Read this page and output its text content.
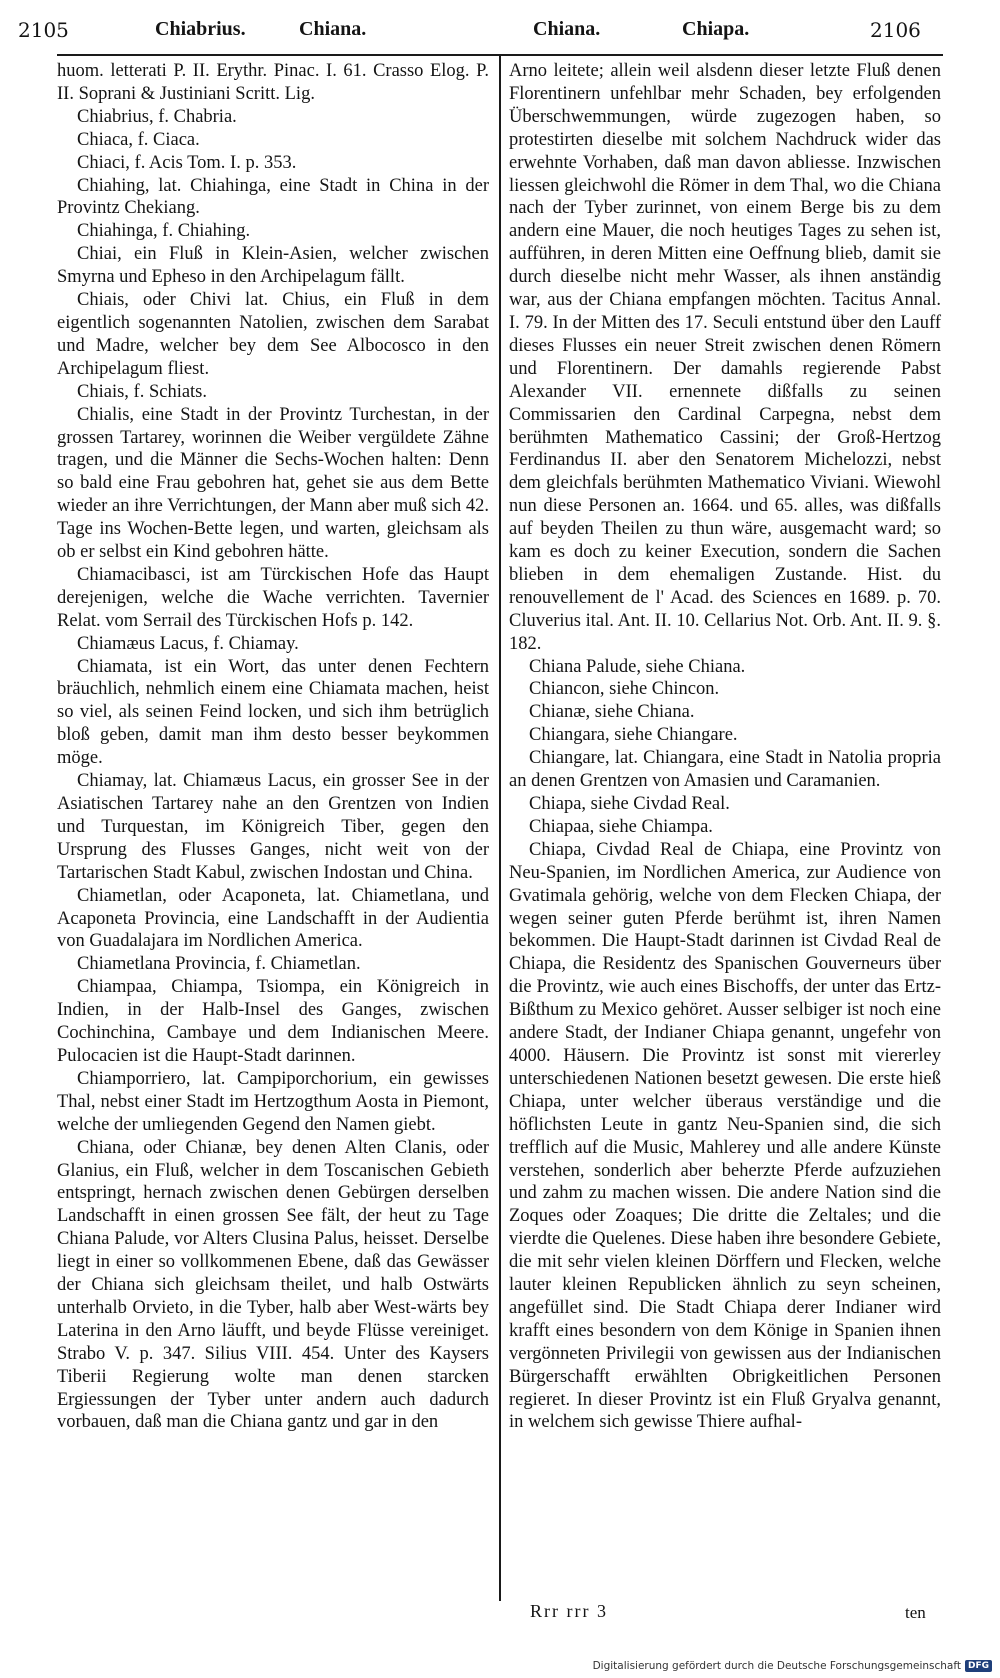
2105	Chiabrius.	Chiana.	Chiana.	Chiapa.	2106

huom. letterati P. II. Erythr. Pinac. I. 61. Crasso Elog. P. II. Soprani & Justiniani Scritt. Lig.

Chiabrius, f. Chabria.

Chiaca, f. Ciaca.

Chiaci, f. Acis Tom. I. p. 353.

Chiahing, lat. Chiahinga, eine Stadt in China in der Provintz Chekiang.

Chiahinga, f. Chiahing.

Chiai, ein Fluß in Klein-Asien, welcher zwischen Smyrna und Epheso in den Archipelagum fällt.

Chiais, oder Chivi lat. Chius, ein Fluß in dem eigentlich sogenannten Natolien, zwischen dem Sarabat und Madre, welcher bey dem See Albocosco in den Archipelagum fliest.

Chiais, f. Schiats.

Chialis, eine Stadt in der Provintz Turchestan, in der grossen Tartarey, worinnen die Weiber vergüldete Zähne tragen, und die Männer die Sechs-Wochen halten: Denn so bald eine Frau gebohren hat, gehet sie aus dem Bette wieder an ihre Verrichtungen, der Mann aber muß sich 42. Tage ins Wochen-Bette legen, und warten, gleichsam als ob er selbst ein Kind gebohren hätte.

Chiamacibasci, ist am Türckischen Hofe das Haupt derejenigen, welche die Wache verrichten. Tavernier Relat. vom Serrail des Türckischen Hofs p. 142.

Chiamæus Lacus, f. Chiamay.

Chiamata, ist ein Wort, das unter denen Fechtern bräuchlich, nehmlich einem eine Chiamata machen, heist so viel, als seinen Feind locken, und sich ihm betrüglich bloß geben, damit man ihm desto besser beykommen möge.

Chiamay, lat. Chiamæus Lacus, ein grosser See in der Asiatischen Tartarey nahe an den Grentzen von Indien und Turquestan, im Königreich Tiber, gegen den Ursprung des Flusses Ganges, nicht weit von der Tartarischen Stadt Kabul, zwischen Indostan und China.

Chiametlan, oder Acaponeta, lat. Chiametlana, und Acaponeta Provincia, eine Landschafft in der Audientia von Guadalajara im Nordlichen America.

Chiametlana Provincia, f. Chiametlan.

Chiampaa, Chiampa, Tsiompa, ein Königreich in Indien, in der Halb-Insel des Ganges, zwischen Cochinchina, Cambaye und dem Indianischen Meere. Pulocacien ist die Haupt-Stadt darinnen.

Chiamporriero, lat. Campiporchorium, ein gewisses Thal, nebst einer Stadt im Hertzogthum Aosta in Piemont, welche der umliegenden Gegend den Namen giebt.

Chiana, oder Chianæ, bey denen Alten Clanis, oder Glanius, ein Fluß, welcher in dem Toscanischen Gebieth entspringt, hernach zwischen denen Gebürgen derselben Landschafft in einen grossen See fält, der heut zu Tage Chiana Palude, vor Alters Clusina Palus, heisset. Derselbe liegt in einer so vollkommenen Ebene, daß das Gewässer der Chiana sich gleichsam theilet, und halb Ostwärts unterhalb Orvieto, in die Tyber, halb aber West-wärts bey Laterina in den Arno läufft, und beyde Flüsse vereiniget. Strabo V. p. 347. Silius VIII. 454. Unter des Kaysers Tiberii Regierung wolte man denen starcken Ergiessungen der Tyber unter andern auch dadurch vorbauen, daß man die Chiana gantz und gar in den

Arno leitete; allein weil alsdenn dieser letzte Fluß denen Florentinern unfehlbar mehr Schaden, bey erfolgenden Überschwemmungen, würde zugezogen haben, so protestirten dieselbe mit solchem Nachdruck wider das erwehnte Vorhaben, daß man davon abliesse. Inzwischen liessen gleichwohl die Römer in dem Thal, wo die Chiana nach der Tyber zurinnet, von einem Berge bis zu dem andern eine Mauer, die noch heutiges Tages zu sehen ist, aufführen, in deren Mitten eine Oeffnung blieb, damit sie durch dieselbe nicht mehr Wasser, als ihnen anständig war, aus der Chiana empfangen möchten. Tacitus Annal. I. 79. In der Mitten des 17. Seculi entstund über den Lauff dieses Flusses ein neuer Streit zwischen denen Römern und Florentinern. Der damahls regierende Pabst Alexander VII. ernennete dißfalls zu seinen Commissarien den Cardinal Carpegna, nebst dem berühmten Mathematico Cassini; der Groß-Hertzog Ferdinandus II. aber den Senatorem Michelozzi, nebst dem gleichfals berühmten Mathematico Viviani. Wiewohl nun diese Personen an. 1664. und 65. alles, was dißfalls auf beyden Theilen zu thun wäre, ausgemacht ward; so kam es doch zu keiner Execution, sondern die Sachen blieben in dem ehemaligen Zustande. Hist. du renouvellement de l' Acad. des Sciences en 1689. p. 70. Cluverius ital. Ant. II. 10. Cellarius Not. Orb. Ant. II. 9. §. 182.

Chiana Palude, siehe Chiana.

Chiancon, siehe Chincon.

Chianæ, siehe Chiana.

Chiangara, siehe Chiangare.

Chiangare, lat. Chiangara, eine Stadt in Natolia propria an denen Grentzen von Amasien und Caramanien.

Chiapa, siehe Civdad Real.

Chiapaa, siehe Chiampa.

Chiapa, Civdad Real de Chiapa, eine Provintz von Neu-Spanien, im Nordlichen America, zur Audience von Gvatimala gehörig, welche von dem Flecken Chiapa, der wegen seiner guten Pferde berühmt ist, ihren Namen bekommen. Die Haupt-Stadt darinnen ist Civdad Real de Chiapa, die Residentz des Spanischen Gouverneurs über die Provintz, wie auch eines Bischoffs, der unter das Ertz-Bißthum zu Mexico gehöret. Ausser selbiger ist noch eine andere Stadt, der Indianer Chiapa genannt, ungefehr von 4000. Häusern. Die Provintz ist sonst mit viererley unterschiedenen Nationen besetzt gewesen. Die erste hieß Chiapa, unter welcher überaus verständige und die höflichsten Leute in gantz Neu-Spanien sind, die sich trefflich auf die Music, Mahlerey und alle andere Künste verstehen, sonderlich aber beherzte Pferde aufzuziehen und zahm zu machen wissen. Die andere Nation sind die Zoques oder Zoaques; Die dritte die Zeltales; und die vierdte die Quelenes. Diese haben ihre besondere Gebiete, die mit sehr vielen kleinen Dörffern und Flecken, welche lauter kleinen Republicken ähnlich zu seyn scheinen, angefüllet sind. Die Stadt Chiapa derer Indianer wird krafft eines besondern von dem Könige in Spanien ihnen vergönneten Privilegii von gewissen aus der Indianischen Bürgerschafft erwählten Obrigkeitlichen Personen regieret. In dieser Provintz ist ein Fluß Gryalva genannt, in welchem sich gewisse Thiere aufhal-

Rrr rrr 3	ten
Digitalisierung gefördert durch die Deutsche Forschungsgemeinschaft DFG
